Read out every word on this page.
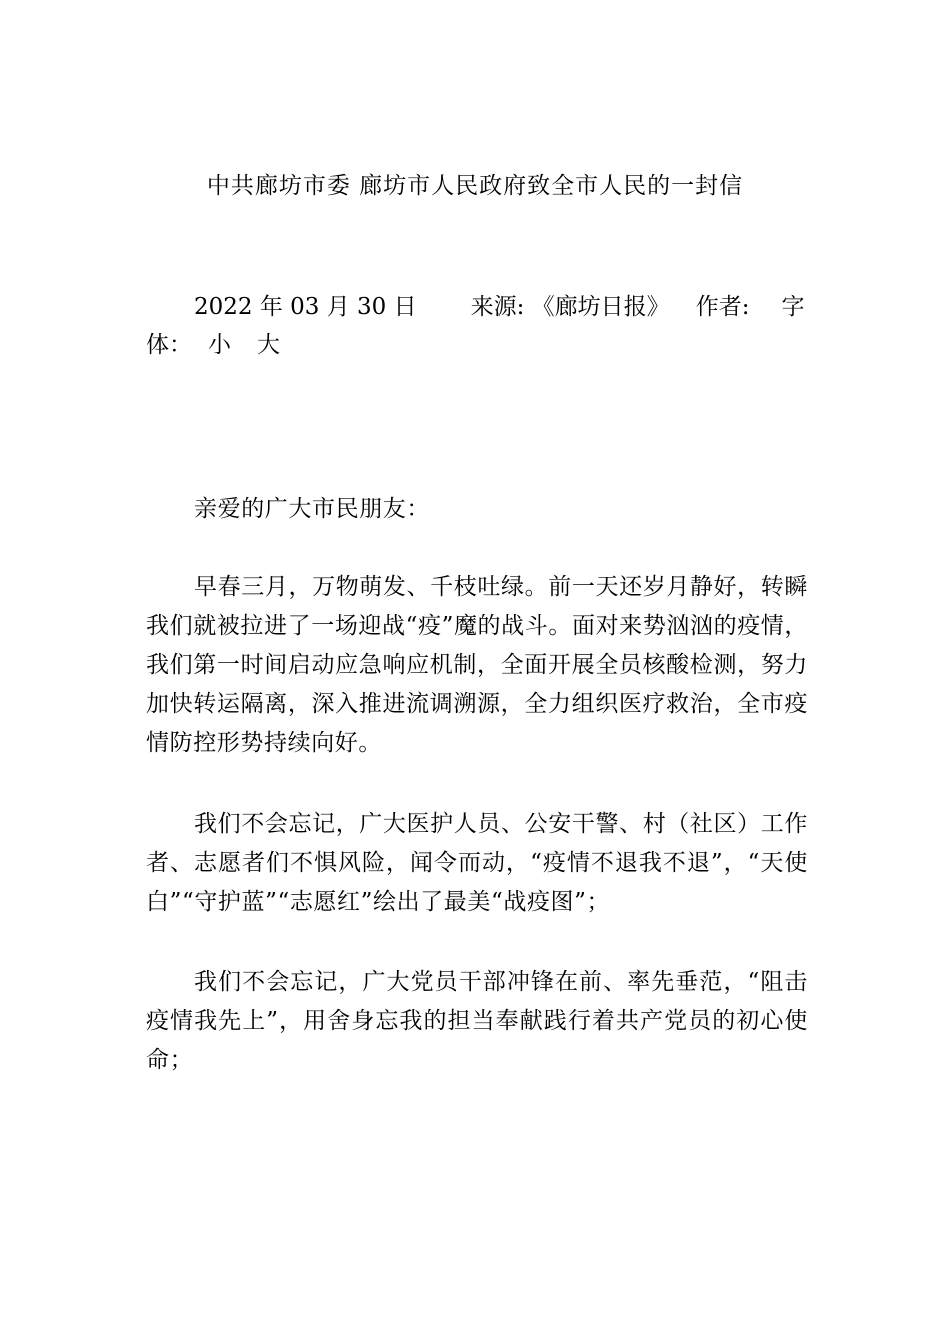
中共廊坊市委 廊坊市人民政府致全市人民的一封信
2022 年 03 月 30 日 来源: 《廊坊日报》 作者: 字
体： 小 大
亲爱的广大市民朋友：
早春三月，万物萌发、千枝吐绿。前一天还岁月静好，转瞬我们就被拉进了一场迎战“疫”魔的战斗。面对来势汹汹的疫情，我们第一时间启动应急响应机制，全面开展全员核酸检测，努力加快转运隔离，深入推进流调溯源，全力组织医疗救治，全市疫情防控形势持续向好。
我们不会忘记，广大医护人员、公安干警、村（社区）工作者、志愿者们不惧风险，闻令而动，“疫情不退我不退”，“天使白”“守护蓝”“志愿红”绘出了最美“战疫图”；
我们不会忘记，广大党员干部冲锋在前、率先垂范，“阻击疫情我先上”，用舍身忘我的担当奉献践行着共产党员的初心使命；
